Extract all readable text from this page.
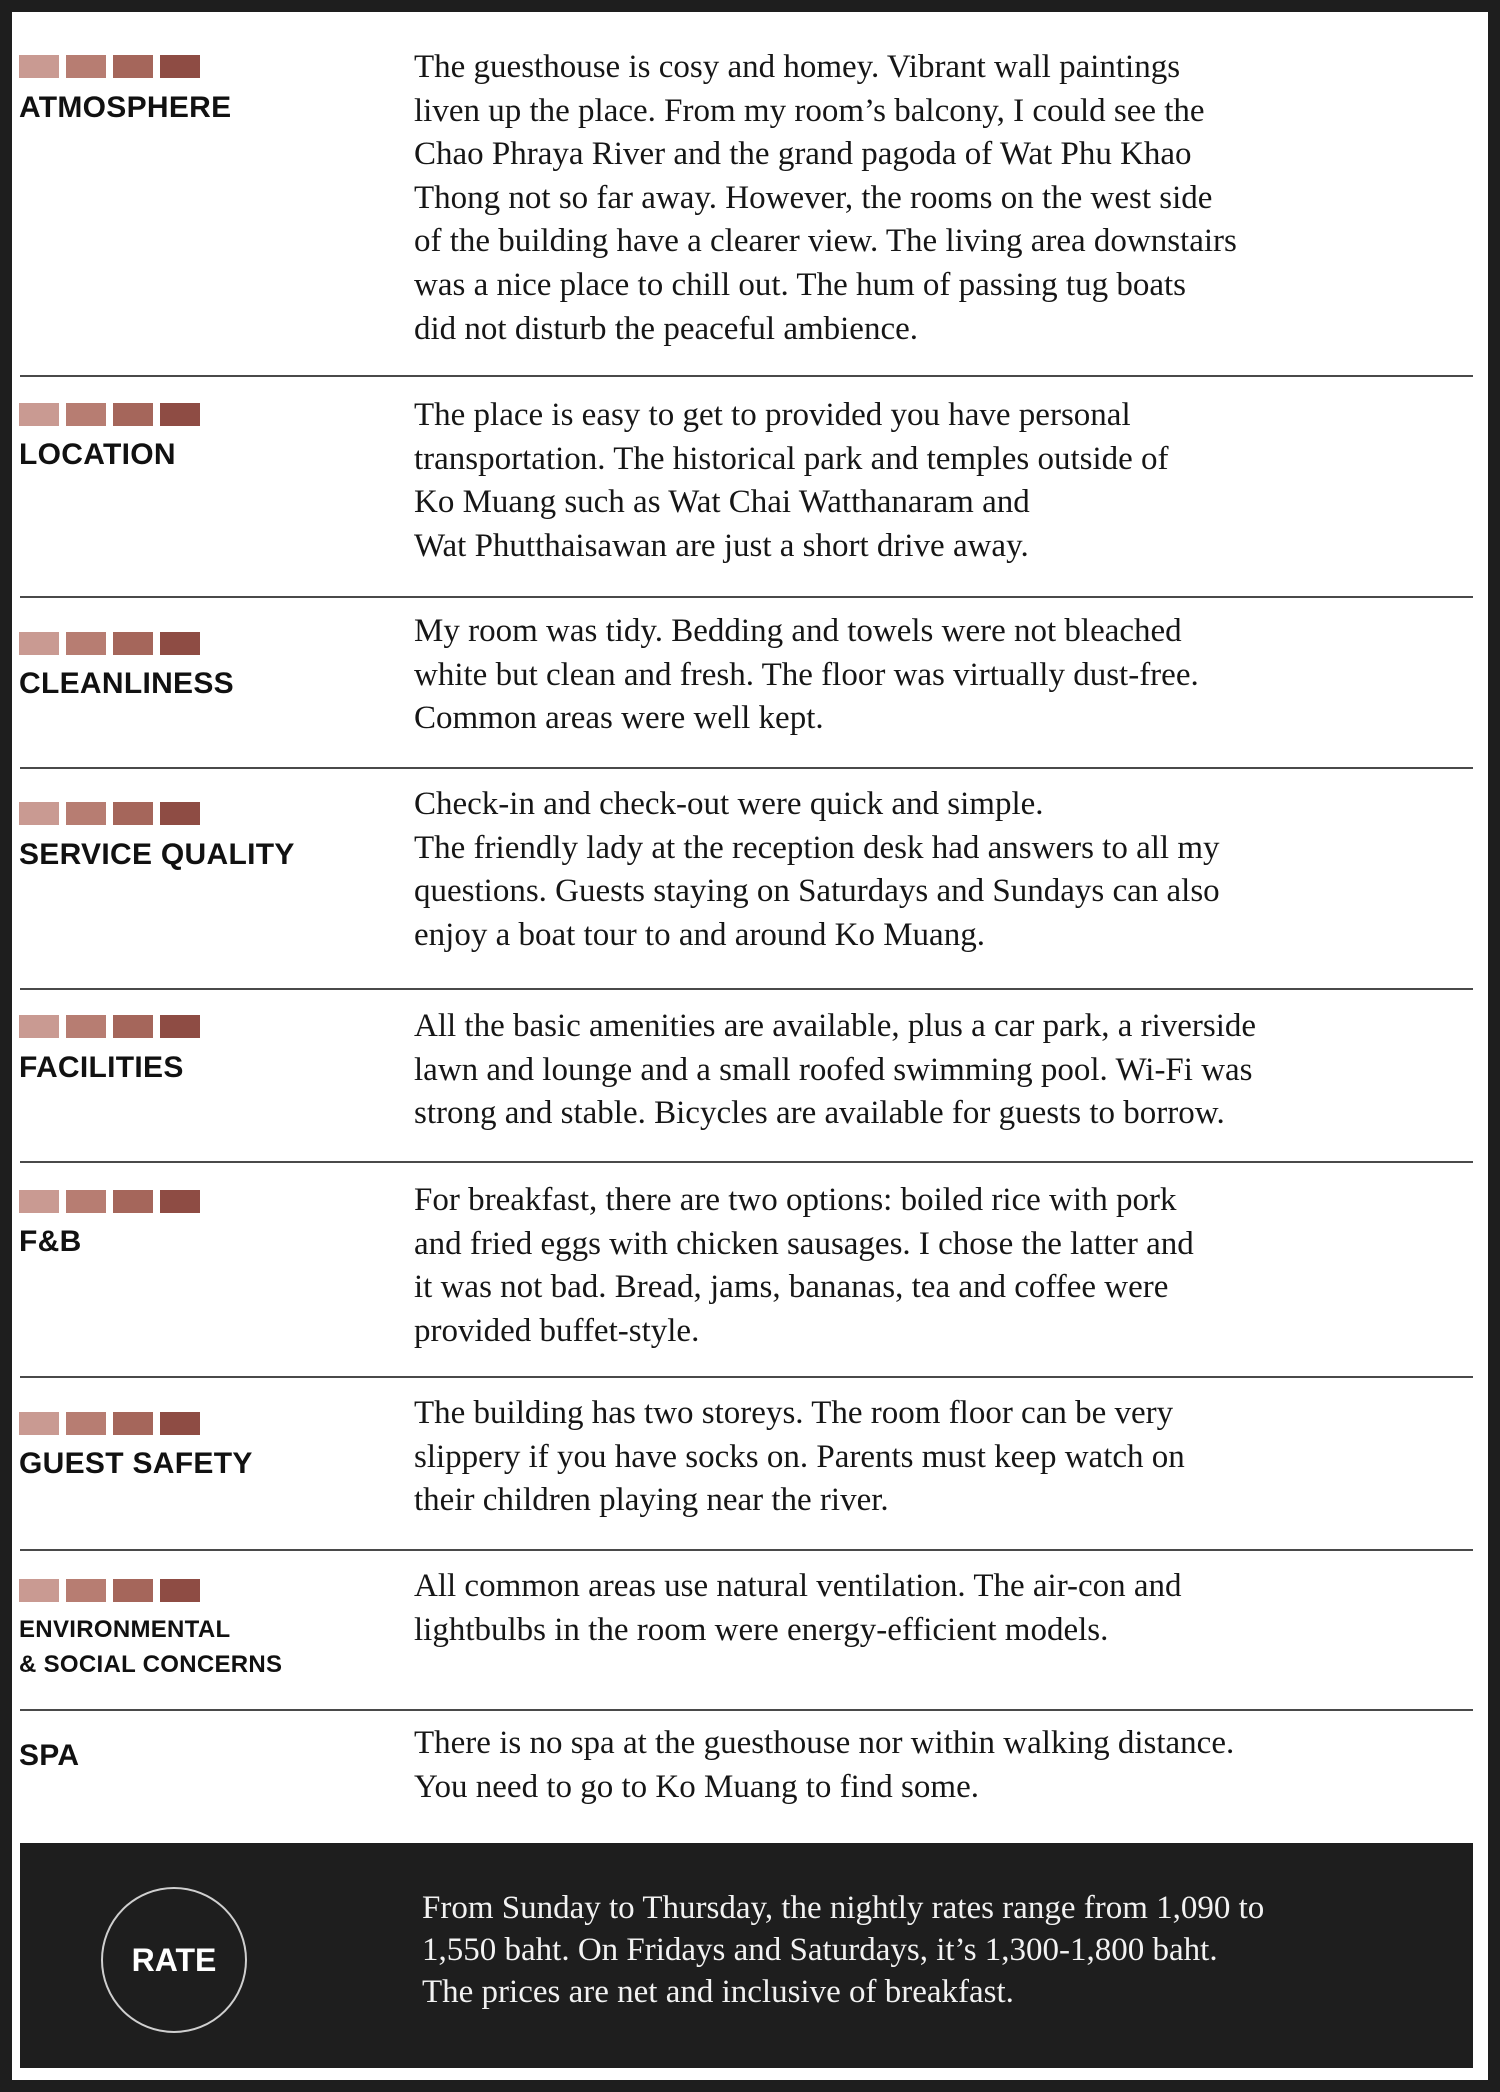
ATMOSPHERE
The guesthouse is cosy and homey. Vibrant wall paintings
liven up the place. From my room’s balcony, I could see the
Chao Phraya River and the grand pagoda of Wat Phu Khao
Thong not so far away. However, the rooms on the west side
of the building have a clearer view. The living area downstairs
was a nice place to chill out. The hum of passing tug boats
did not disturb the peaceful ambience.
LOCATION
The place is easy to get to provided you have personal
transportation. The historical park and temples outside of
Ko Muang such as Wat Chai Watthanaram and
Wat Phutthaisawan are just a short drive away.
CLEANLINESS
My room was tidy. Bedding and towels were not bleached
white but clean and fresh. The floor was virtually dust-free.
Common areas were well kept.
SERVICE QUALITY
Check-in and check-out were quick and simple.
The friendly lady at the reception desk had answers to all my
questions. Guests staying on Saturdays and Sundays can also
enjoy a boat tour to and around Ko Muang.
FACILITIES
All the basic amenities are available, plus a car park, a riverside
lawn and lounge and a small roofed swimming pool. Wi-Fi was
strong and stable. Bicycles are available for guests to borrow.
F&B
For breakfast, there are two options: boiled rice with pork
and fried eggs with chicken sausages. I chose the latter and
it was not bad. Bread, jams, bananas, tea and coffee were
provided buffet-style.
GUEST SAFETY
The building has two storeys. The room floor can be very
slippery if you have socks on. Parents must keep watch on
their children playing near the river.
ENVIRONMENTAL
& SOCIAL CONCERNS
All common areas use natural ventilation. The air-con and
lightbulbs in the room were energy-efficient models.
SPA	There is no spa at the guesthouse nor within walking distance.
You need to go to Ko Muang to find some.
RATE
From Sunday to Thursday, the nightly rates range from 1,090 to
1,550 baht. On Fridays and Saturdays, it’s 1,300-1,800 baht.
The prices are net and inclusive of breakfast.
